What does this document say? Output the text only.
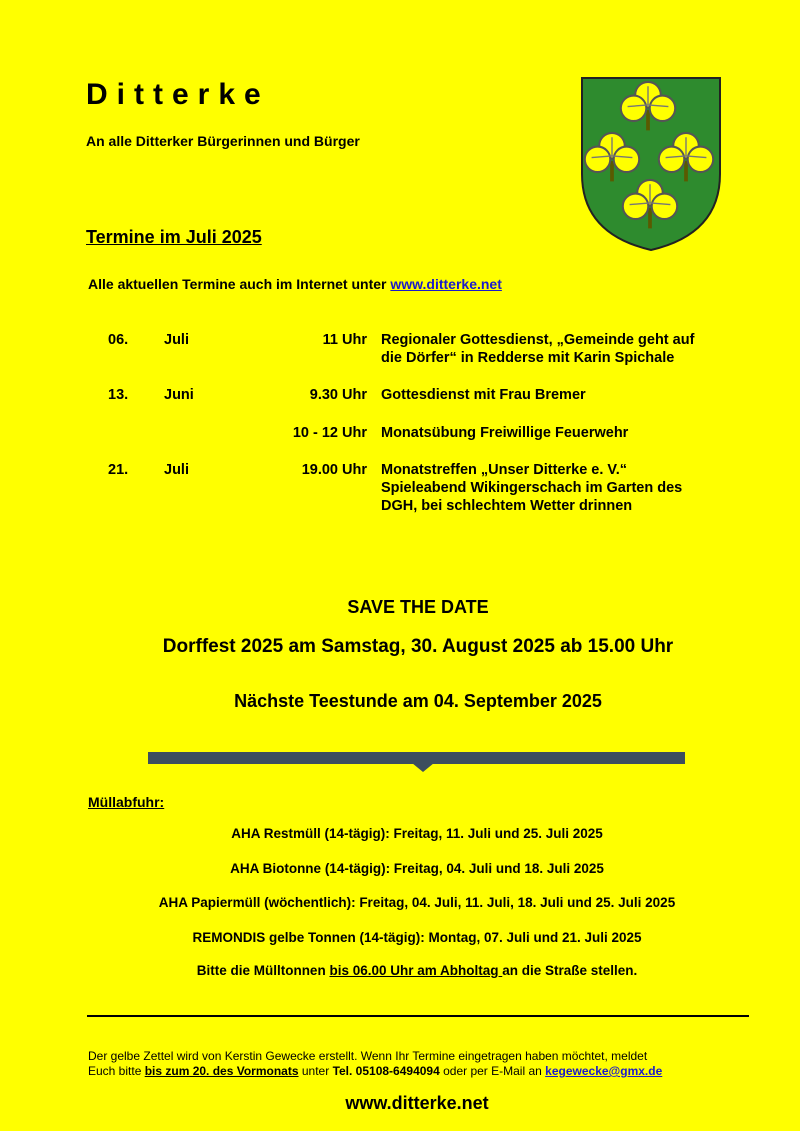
Ditterke
An alle Ditterker Bürgerinnen und Bürger
Termine im Juli 2025
Alle aktuellen Termine auch im Internet unter www.ditterke.net
06. Juli	11 Uhr Regionaler Gottesdienst, „Gemeinde geht auf
die Dörfer“ in Redderse mit Karin Spichale
13. Juni	9.30 Uhr Gottesdienst mit Frau Bremer
10 - 12 Uhr Monatsübung Freiwillige Feuerwehr
21. Juli	19.00 Uhr Monatstreffen „Unser Ditterke e. V.“
Spieleabend Wikingerschach im Garten des
DGH, bei schlechtem Wetter drinnen
SAVE THE DATE
Dorffest 2025 am Samstag, 30. August 2025 ab 15.00 Uhr
Nächste Teestunde am 04. September 2025
Müllabfuhr:
AHA Restmüll (14-tägig): Freitag, 11. Juli und 25. Juli 2025
AHA Biotonne (14-tägig): Freitag, 04. Juli und 18. Juli 2025
AHA Papiermüll (wöchentlich): Freitag, 04. Juli, 11. Juli, 18. Juli und 25. Juli 2025
REMONDIS gelbe Tonnen (14-tägig): Montag, 07. Juli und 21. Juli 2025
Bitte die Mülltonnen bis 06.00 Uhr am Abholtag an die Straße stellen.
Der gelbe Zettel wird von Kerstin Gewecke erstellt. Wenn Ihr Termine eingetragen haben möchtet, meldet
Euch bitte bis zum 20. des Vormonats unter Tel. 05108-6494094 oder per E-Mail an kegewecke@gmx.de
www.ditterke.net
